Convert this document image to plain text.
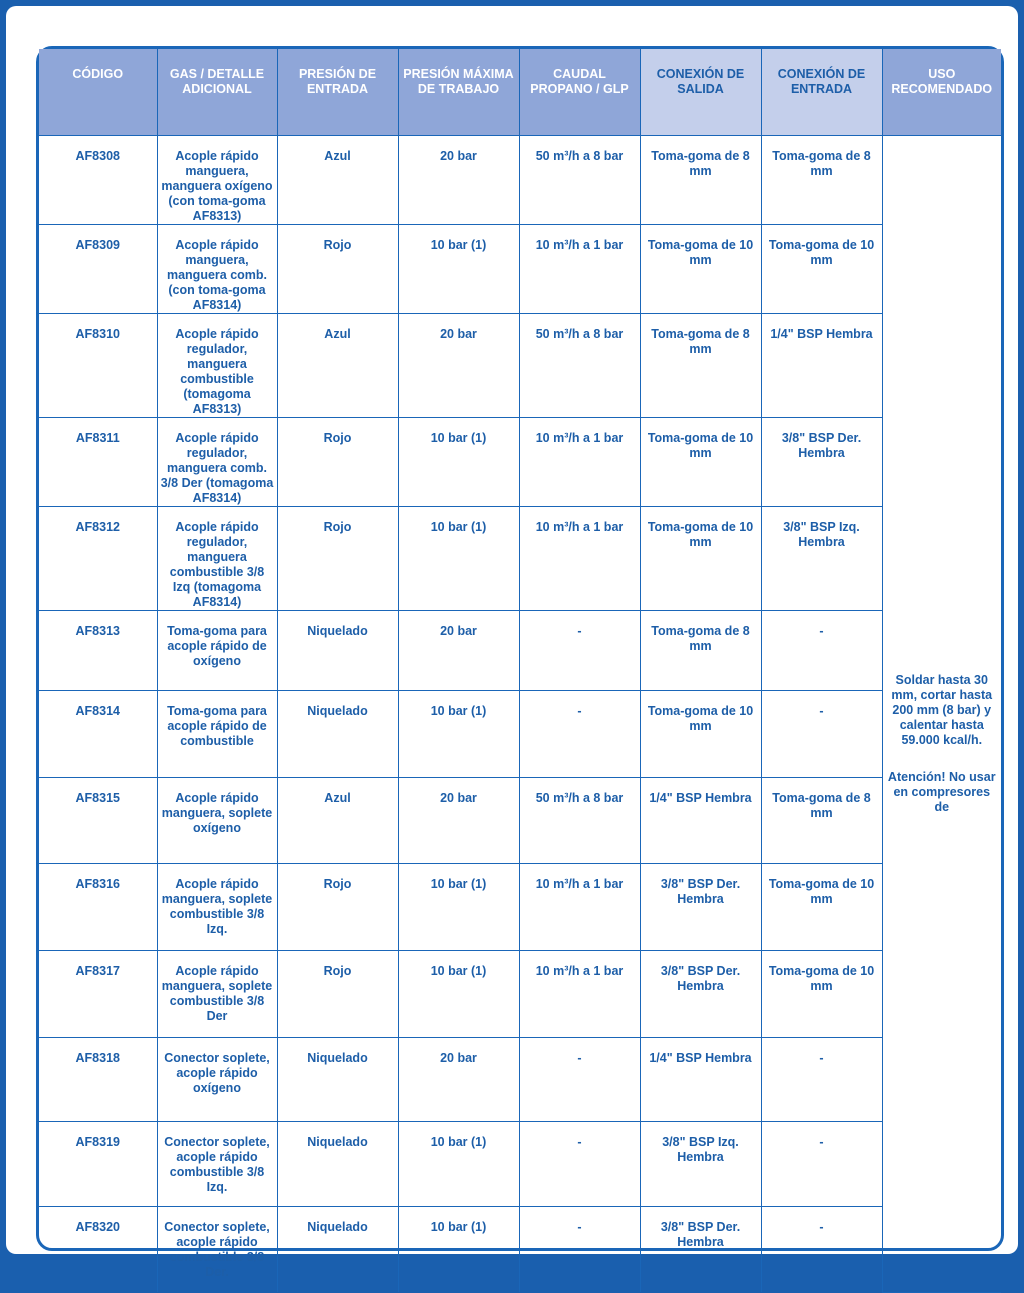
CÓDIGO	GAS / DETALLE ADICIONAL	PRESIÓN DE ENTRADA	PRESIÓN MÁXIMA DE TRABAJO	CAUDAL PROPANO / GLP	CONEXIÓN DE SALIDA	CONEXIÓN DE ENTRADA	USO RECOMENDADO
AF8308	Acople rápido manguera, manguera oxígeno (con toma-goma AF8313)	Azul	20 bar	50 m³/h a 8 bar	Toma-goma de 8 mm	Toma-goma de 8 mm	Soldar hasta 30 mm, cortar hasta 200 mm (8 bar) y calentar hasta 59.000 kcal/h.
Atención! No usar en compresores de

AF8309	Acople rápido manguera, manguera comb. (con toma-goma AF8314)	Rojo	10 bar (1)	10 m³/h a 1 bar	Toma-goma de 10 mm	Toma-goma de 10 mm	
AF8310	Acople rápido regulador, manguera combustible (tomagoma AF8313)	Azul	20 bar	50 m³/h a 8 bar	Toma-goma de 8 mm	1/4" BSP Hembra	
AF8311	Acople rápido regulador, manguera comb. 3/8 Der (tomagoma AF8314)	Rojo	10 bar (1)	10 m³/h a 1 bar	Toma-goma de 10 mm	3/8" BSP Der. Hembra	
AF8312	Acople rápido regulador, manguera combustible 3/8 Izq (tomagoma AF8314)	Rojo	10 bar (1)	10 m³/h a 1 bar	Toma-goma de 10 mm	3/8" BSP Izq. Hembra	
AF8313	Toma-goma para acople rápido de oxígeno	Niquelado	20 bar	-	Toma-goma de 8 mm	-	
AF8314	Toma-goma para acople rápido de combustible	Niquelado	10 bar (1)	-	Toma-goma de 10 mm	-	
AF8315	Acople rápido manguera, soplete oxígeno	Azul	20 bar	50 m³/h a 8 bar	1/4" BSP Hembra	Toma-goma de 8 mm	
AF8316	Acople rápido manguera, soplete combustible 3/8 Izq.	Rojo	10 bar (1)	10 m³/h a 1 bar	3/8" BSP Der. Hembra	Toma-goma de 10 mm	
AF8317	Acople rápido manguera, soplete combustible 3/8 Der	Rojo	10 bar (1)	10 m³/h a 1 bar	3/8" BSP Der. Hembra	Toma-goma de 10 mm	
AF8318	Conector soplete, acople rápido oxígeno	Niquelado	20 bar	-	1/4" BSP Hembra	-	
AF8319	Conector soplete, acople rápido combustible 3/8 Izq.	Niquelado	10 bar (1)	-	3/8" BSP Izq. Hembra	-	
AF8320	Conector soplete, acople rápido combustible 3/8 Der.	Niquelado	10 bar (1)	-	3/8" BSP Der. Hembra	-	
